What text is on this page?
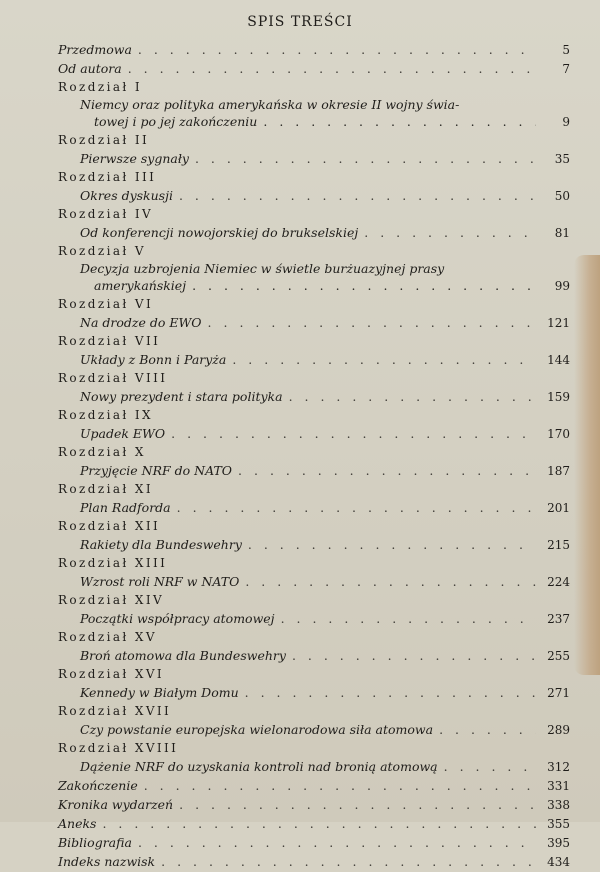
SPIS TREŚCI
Przedmowa . . .	5
Od autora . . .	7
Rozdział I
Niemcy oraz polityka amerykańska w okresie II wojny świa-
towej i po jej zakończeniu . . .	9
Rozdział II
Pierwsze sygnały . . .	35
Rozdział III
Okres dyskusji . . .	50
Rozdział IV
Od konferencji nowojorskiej do brukselskiej . . .	81
Rozdział V
Decyzja uzbrojenia Niemiec w świetle burżuazyjnej prasy
amerykańskiej . . .	99
Rozdział VI
Na drodze do EWO . . .	121
Rozdział VII
Układy z Bonn i Paryża . . .	144
Rozdział VIII
Nowy prezydent i stara polityka . . .	159
Rozdział IX
Upadek EWO . . .	170
Rozdział X
Przyjęcie NRF do NATO . . .	187
Rozdział XI
Plan Radforda . . .	201
Rozdział XII
Rakiety dla Bundeswehry . . .	215
Rozdział XIII
Wzrost roli NRF w NATO . . .	224
Rozdział XIV
Początki współpracy atomowej . . .	237
Rozdział XV
Broń atomowa dla Bundeswehry . . .	255
Rozdział XVI
Kennedy w Białym Domu . . .	271
Rozdział XVII
Czy powstanie europejska wielonarodowa siła atomowa . . .	289
Rozdział XVIII
Dążenie NRF do uzyskania kontroli nad bronią atomową . . .	312
Zakończenie . . .	331
Kronika wydarzeń . . .	338
Aneks . . .	355
Bibliografia . . .	395
Indeks nazwisk . . .	434
